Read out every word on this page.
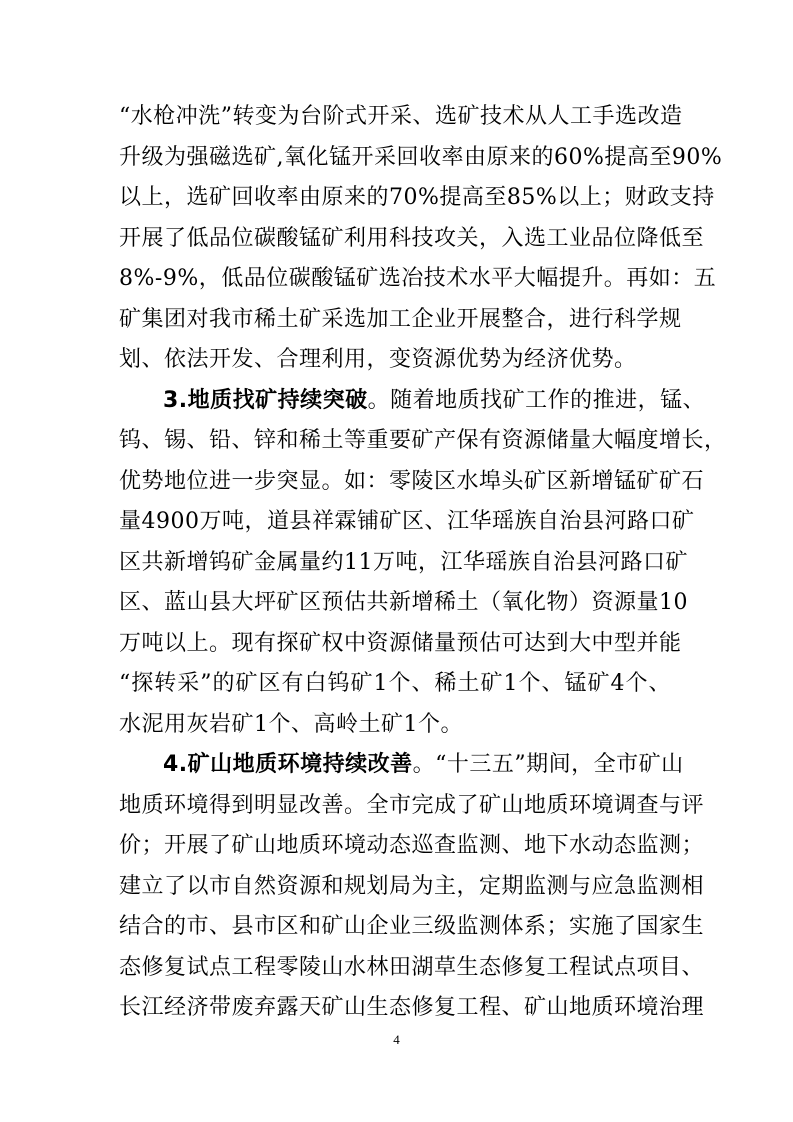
“水枪冲洗”转变为台阶式开采、选矿技术从人工手选改造
升级为强磁选矿,氧化锰开采回收率由原来的60%提高至90%
以上，选矿回收率由原来的70%提高至85%以上；财政支持
开展了低品位碳酸锰矿利用科技攻关，入选工业品位降低至
8%-9%，低品位碳酸锰矿选冶技术水平大幅提升。再如：五
矿集团对我市稀土矿采选加工企业开展整合，进行科学规
划、依法开发、合理利用，变资源优势为经济优势。
3.地质找矿持续突破。随着地质找矿工作的推进，锰、
钨、锡、铅、锌和稀土等重要矿产保有资源储量大幅度增长，
优势地位进一步突显。如：零陵区水埠头矿区新增锰矿矿石
量4900万吨，道县祥霖铺矿区、江华瑶族自治县河路口矿
区共新增钨矿金属量约11万吨，江华瑶族自治县河路口矿
区、蓝山县大坪矿区预估共新增稀土（氧化物）资源量10
万吨以上。现有探矿权中资源储量预估可达到大中型并能
“探转采”的矿区有白钨矿1个、稀土矿1个、锰矿4个、
水泥用灰岩矿1个、高岭土矿1个。
4.矿山地质环境持续改善。“十三五”期间，全市矿山
地质环境得到明显改善。全市完成了矿山地质环境调查与评
价；开展了矿山地质环境动态巡查监测、地下水动态监测；
建立了以市自然资源和规划局为主，定期监测与应急监测相
结合的市、县市区和矿山企业三级监测体系；实施了国家生
4
态修复试点工程零陵山水林田湖草生态修复工程试点项目、
长江经济带废弃露天矿山生态修复工程、矿山地质环境治理
